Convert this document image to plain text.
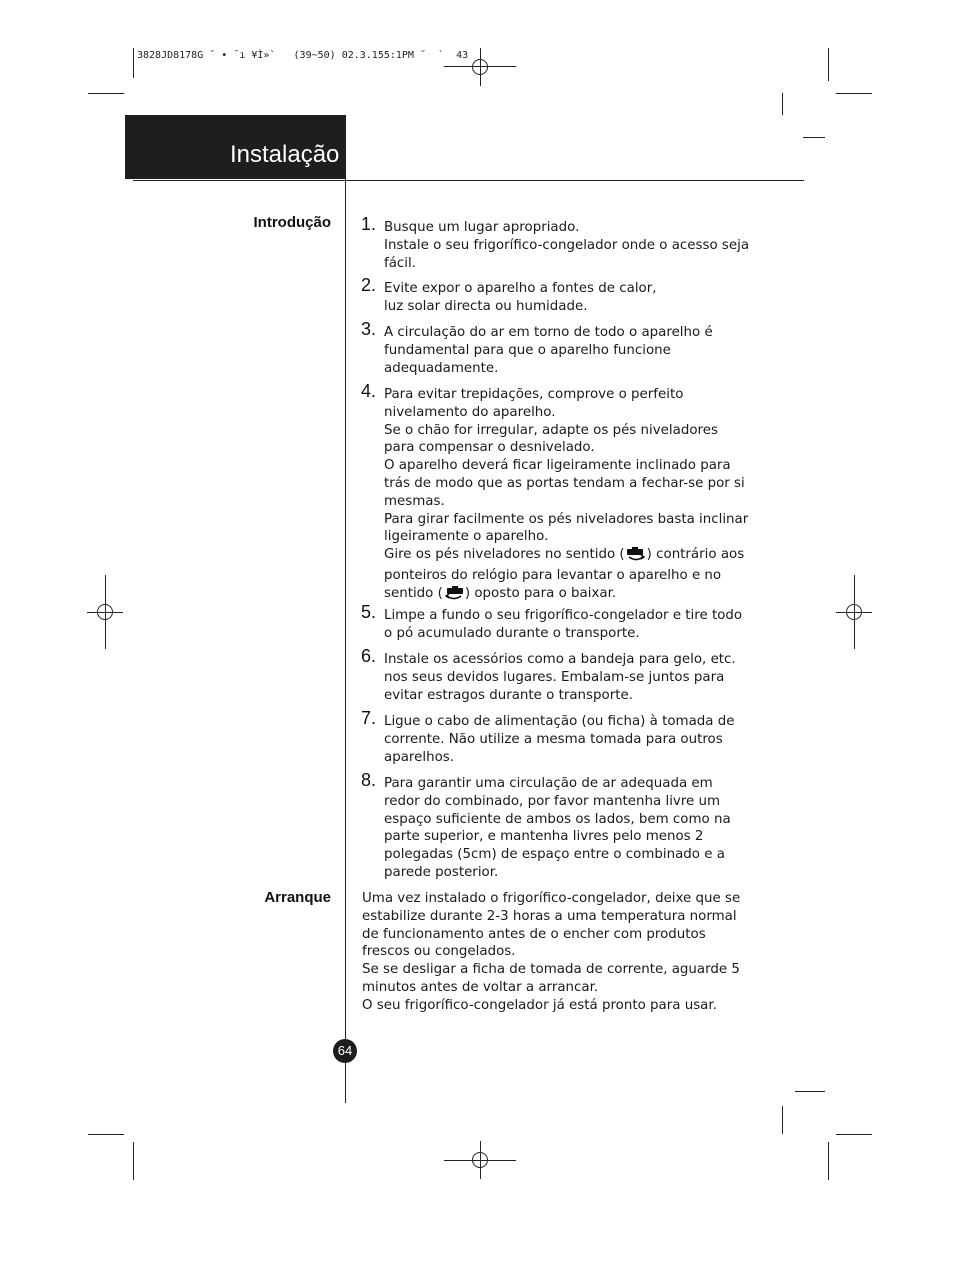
3828JD8178G ˘ • ¯ı ¥Ì»`   (39~50) 02.3.155:1PM ˘  `  43
Instalação
Introdução
Arranque
1. Busque um lugar apropriado.

Instale o seu frigorífico-congelador onde o acesso seja fácil.

2. Evite expor o aparelho a fontes de calor,

luz solar directa ou humidade.

3. A circulação do ar em torno de todo o aparelho é fundamental para que o aparelho funcione adequadamente.

4. Para evitar trepidações, comprove o perfeito nivelamento do aparelho.

Se o chão for irregular, adapte os pés niveladores para compensar o desnivelado.

O aparelho deverá ficar ligeiramente inclinado para trás de modo que as portas tendam a fechar-se por si mesmas.

Para girar facilmente os pés niveladores basta inclinar ligeiramente o aparelho.

Gire os pés niveladores no sentido ( ) contrário aos ponteiros do relógio para levantar o aparelho e no sentido ( ) oposto para o baixar.

5. Limpe a fundo o seu frigorífico-congelador e tire todo o pó acumulado durante o transporte.

6. Instale os acessórios como a bandeja para gelo, etc. nos seus devidos lugares. Embalam-se juntos para evitar estragos durante o transporte.

7. Ligue o cabo de alimentação (ou ficha) à tomada de corrente. Não utilize a mesma tomada para outros aparelhos.

8. Para garantir uma circulação de ar adequada em redor do combinado, por favor mantenha livre um espaço suficiente de ambos os lados, bem como na parte superior, e mantenha livres pelo menos 2 polegadas (5cm) de espaço entre o combinado e a parede posterior.

Uma vez instalado o frigorífico-congelador, deixe que se estabilize durante 2-3 horas a uma temperatura normal de funcionamento antes de o encher com produtos frescos ou congelados.

Se se desligar a ficha de tomada de corrente, aguarde 5 minutos antes de voltar a arrancar.

O seu frigorífico-congelador já está pronto para usar.

64
